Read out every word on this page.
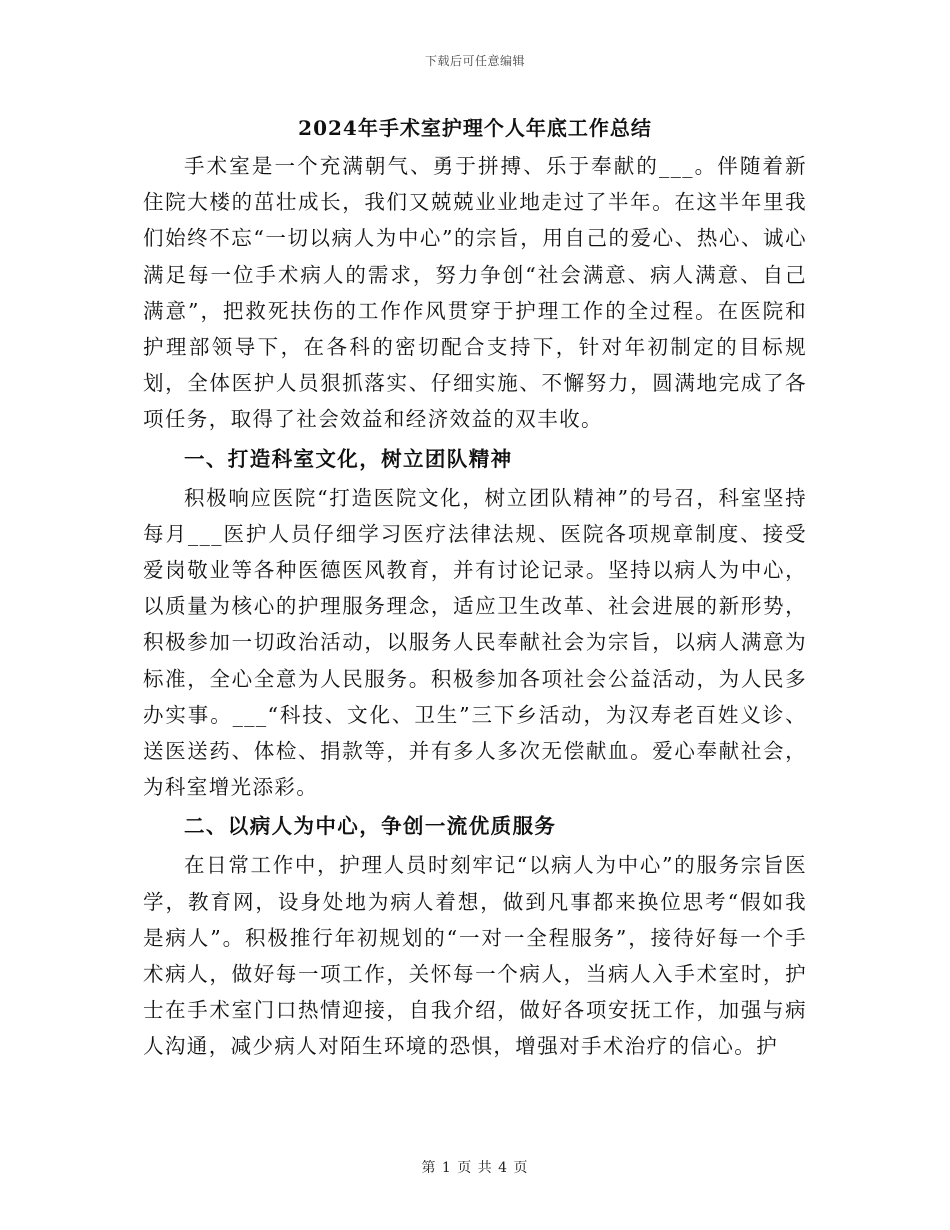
下载后可任意编辑
2024年手术室护理个人年底工作总结

手术室是一个充满朝气、勇于拼搏、乐于奉献的___。伴随着新住院大楼的茁壮成长，我们又兢兢业业地走过了半年。在这半年里我们始终不忘“一切以病人为中心”的宗旨，用自己的爱心、热心、诚心满足每一位手术病人的需求，努力争创“社会满意、病人满意、自己满意”，把救死扶伤的工作作风贯穿于护理工作的全过程。在医院和护理部领导下，在各科的密切配合支持下，针对年初制定的目标规划，全体医护人员狠抓落实、仔细实施、不懈努力，圆满地完成了各项任务，取得了社会效益和经济效益的双丰收。

一、打造科室文化，树立团队精神

积极响应医院“打造医院文化，树立团队精神”的号召，科室坚持每月___医护人员仔细学习医疗法律法规、医院各项规章制度、接受爱岗敬业等各种医德医风教育，并有讨论记录。坚持以病人为中心，以质量为核心的护理服务理念，适应卫生改革、社会进展的新形势，积极参加一切政治活动，以服务人民奉献社会为宗旨，以病人满意为标准，全心全意为人民服务。积极参加各项社会公益活动，为人民多办实事。___“科技、文化、卫生”三下乡活动，为汉寿老百姓义诊、送医送药、体检、捐款等，并有多人多次无偿献血。爱心奉献社会，为科室增光添彩。

二、以病人为中心，争创一流优质服务

在日常工作中，护理人员时刻牢记“以病人为中心”的服务宗旨医学，教育网，设身处地为病人着想，做到凡事都来换位思考“假如我是病人”。积极推行年初规划的“一对一全程服务”，接待好每一个手术病人，做好每一项工作，关怀每一个病人，当病人入手术室时，护士在手术室门口热情迎接，自我介绍，做好各项安抚工作，加强与病人沟通，减少病人对陌生环境的恐惧，增强对手术治疗的信心。护

第 1 页 共 4 页
